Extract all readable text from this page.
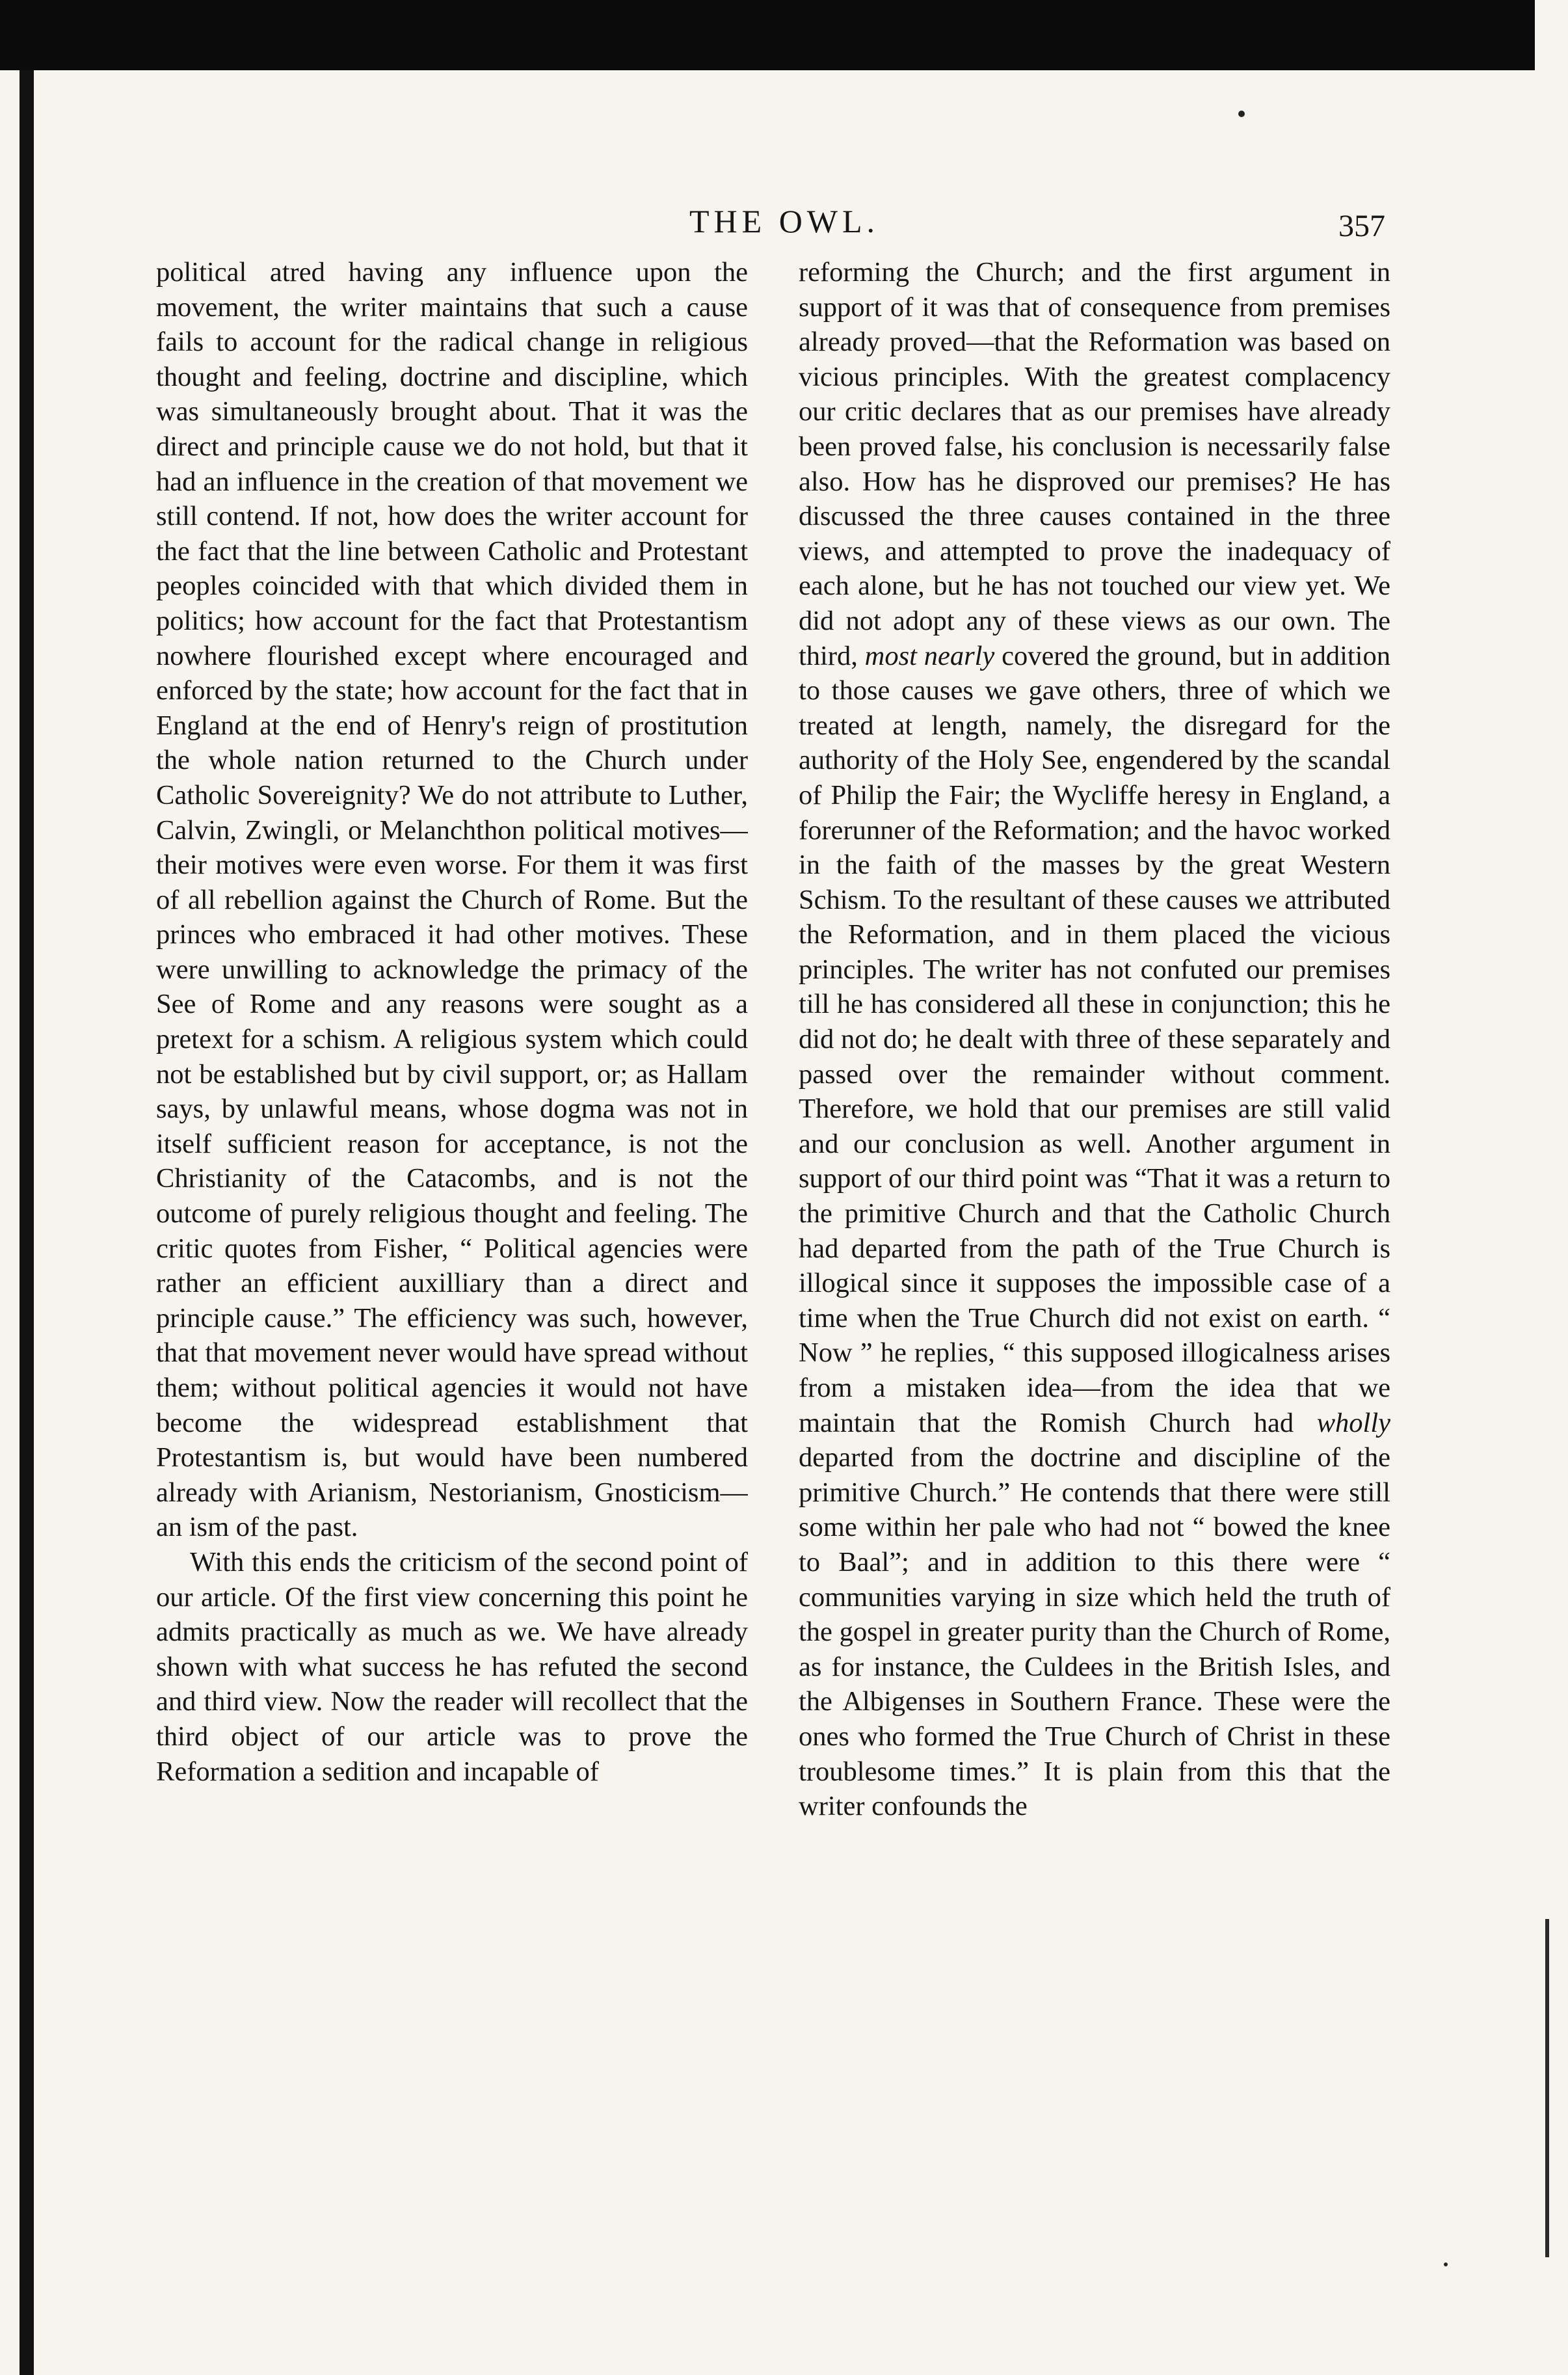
THE OWL.	357

political atred having any influence upon the movement, the writer maintains that such a cause fails to account for the radical change in religious thought and feeling, doctrine and discipline, which was simultaneously brought about. That it was the direct and principle cause we do not hold, but that it had an influence in the creation of that movement we still contend. If not, how does the writer account for the fact that the line between Catholic and Protestant peoples coincided with that which divided them in politics; how account for the fact that Protestantism nowhere flourished except where encouraged and enforced by the state; how account for the fact that in England at the end of Henry's reign of prostitution the whole nation returned to the Church under Catholic Sovereignity? We do not attribute to Luther, Calvin, Zwingli, or Melanchthon political motives—their motives were even worse. For them it was first of all rebellion against the Church of Rome. But the princes who embraced it had other motives. These were unwilling to acknowledge the primacy of the See of Rome and any reasons were sought as a pretext for a schism. A religious system which could not be established but by civil support, or; as Hallam says, by unlawful means, whose dogma was not in itself sufficient reason for acceptance, is not the Christianity of the Catacombs, and is not the outcome of purely religious thought and feeling. The critic quotes from Fisher, “ Political agencies were rather an efficient auxilliary than a direct and principle cause.” The efficiency was such, however, that that movement never would have spread without them; without political agencies it would not have become the widespread establishment that Protestantism is, but would have been numbered already with Arianism, Nestorianism, Gnosticism—an ism of the past.

With this ends the criticism of the second point of our article. Of the first view concerning this point he admits practically as much as we. We have already shown with what success he has refuted the second and third view. Now the reader will recollect that the third object of our article was to prove the Reformation a sedition and incapable of

reforming the Church; and the first argument in support of it was that of consequence from premises already proved—that the Reformation was based on vicious principles. With the greatest complacency our critic declares that as our premises have already been proved false, his conclusion is necessarily false also. How has he disproved our premises? He has discussed the three causes contained in the three views, and attempted to prove the inadequacy of each alone, but he has not touched our view yet. We did not adopt any of these views as our own. The third, most nearly covered the ground, but in addition to those causes we gave others, three of which we treated at length, namely, the disregard for the authority of the Holy See, engendered by the scandal of Philip the Fair; the Wycliffe heresy in England, a forerunner of the Reformation; and the havoc worked in the faith of the masses by the great Western Schism. To the resultant of these causes we attributed the Reformation, and in them placed the vicious principles. The writer has not confuted our premises till he has considered all these in conjunction; this he did not do; he dealt with three of these separately and passed over the remainder without comment. Therefore, we hold that our premises are still valid and our conclusion as well. Another argument in support of our third point was “That it was a return to the primitive Church and that the Catholic Church had departed from the path of the True Church is illogical since it supposes the impossible case of a time when the True Church did not exist on earth. “ Now ” he replies, “ this supposed illogicalness arises from a mistaken idea—from the idea that we maintain that the Romish Church had wholly departed from the doctrine and discipline of the primitive Church.” He contends that there were still some within her pale who had not “ bowed the knee to Baal”; and in addition to this there were “ communities varying in size which held the truth of the gospel in greater purity than the Church of Rome, as for instance, the Culdees in the British Isles, and the Albigenses in Southern France. These were the ones who formed the True Church of Christ in these troublesome times.” It is plain from this that the writer confounds the
